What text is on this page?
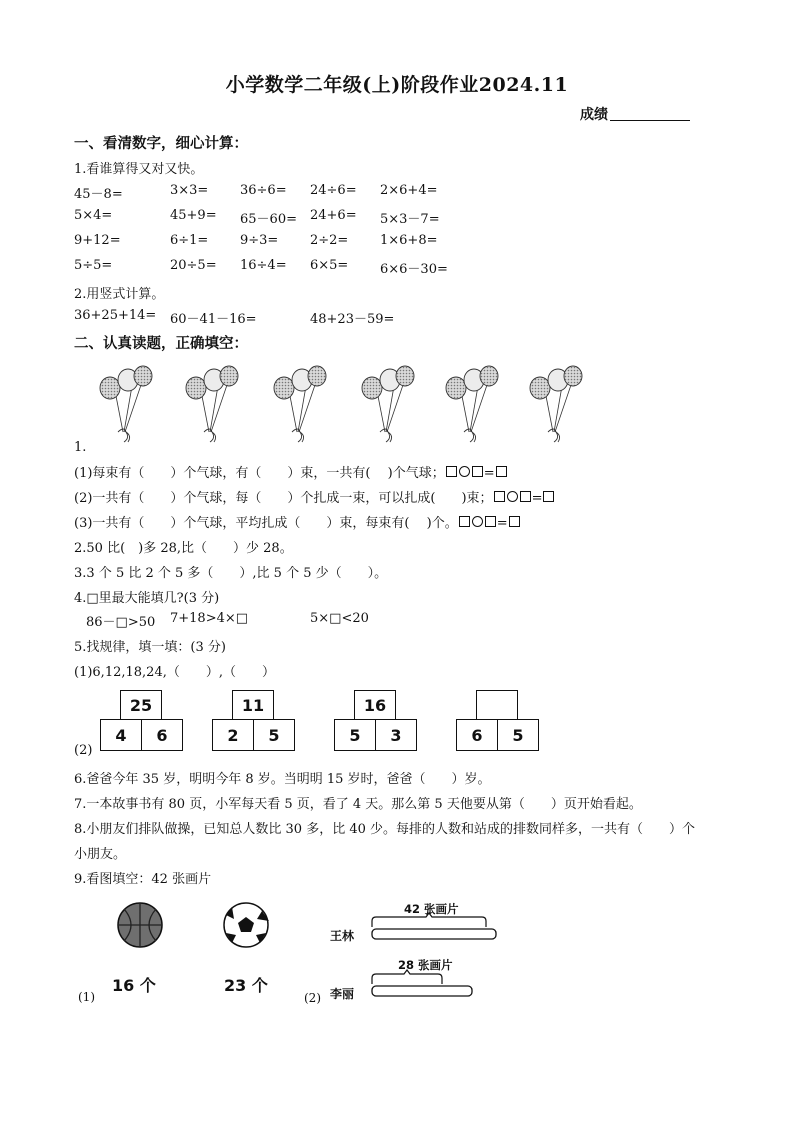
小学数学二年级(上)阶段作业2024.11
成绩
一、看清数字，细心计算：
1.看谁算得又对又快。
45－8=	3×3= 36÷6= 24÷6= 2×6+4=
5×4=	45+9= 65－60= 24+6= 5×3－7=
9+12=	6÷1= 9÷3= 2÷2= 1×6+8=
5÷5=	20÷5= 16÷4= 6×5= 6×6－30=
2.用竖式计算。
36+25+14= 60－41－16=	48+23－59=
二、认真读题，正确填空：
1.
(1)每束有（　　）个气球，有（　　）束，一共有(　 )个气球；	=
(2)一共有（　　）个气球，每（　　）个扎成一束，可以扎成(　　)束；	=
(3)一共有（　　）个气球，平均扎成（　　）束，每束有(　 )个。	=
2.50 比(　)多 28,比（　　）少 28。
3.3 个 5 比 2 个 5 多（　　）,比 5 个 5 少（　　）。
4.□里最大能填几?(3 分)
86－□>50 7+18>4×□	5×□<20
5.找规律，填一填：(3 分)
(1)6,12,18,24,（　　）,（　　）
(2)
25
4	6
11
2	5
16
5	3	6	5
6.爸爸今年 35 岁，明明今年 8 岁。当明明 15 岁时，爸爸（　　）岁。
7.一本故事书有 80 页，小军每天看 5 页，看了 4 天。那么第 5 天他要从第（　　）页开始看起。
8.小朋友们排队做操，已知总人数比 30 多，比 40 少。每排的人数和站成的排数同样多，一共有（　　）个
小朋友。
9.看图填空：42 张画片
(1)
16 个	23 个
(2)
42 张画片
王林
28 张画片
李丽
